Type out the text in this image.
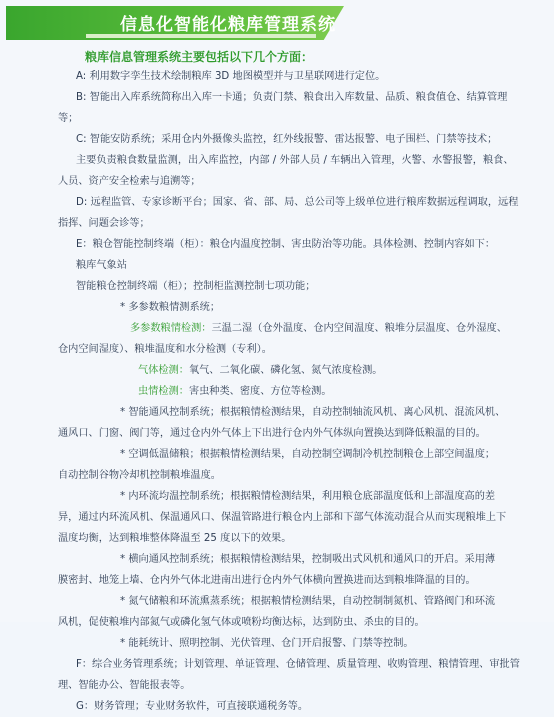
信息化智能化粮库管理系统
粮库信息管理系统主要包括以下几个方面：
A: 利用数字孪生技术绘制粮库 3D 地图模型并与卫星联网进行定位。
B: 智能出入库系统简称出入库一卡通；负责门禁、粮食出入库数量、品质、粮食值仓、结算管理
等；
C: 智能安防系统；采用仓内外摄像头监控，红外线报警、雷达报警、电子围栏、门禁等技术；
主要负责粮食数量监测，出入库监控，内部 / 外部人员 / 车辆出入管理，火警、水警报警，粮食、
人员、资产安全检索与追溯等；
D: 远程监管、专家诊断平台；国家、省、部、局、总公司等上级单位进行粮库数据远程调取，远程
指挥、问题会诊等；
E：粮仓智能控制终端（柜）：粮仓内温度控制、害虫防治等功能。具体检测、控制内容如下：
粮库气象站
智能粮仓控制终端（柜）；控制柜监测控制七项功能；
* 多参数粮情测系统；
多参数粮情检测：三温二湿（仓外温度、仓内空间温度、粮堆分层温度、仓外湿度、
仓内空间湿度）、粮堆温度和水分检测（专利）。
气体检测：氧气、二氧化碳、磷化氢、氮气浓度检测。
虫情检测：害虫种类、密度、方位等检测。
* 智能通风控制系统；根据粮情检测结果，自动控制轴流风机、离心风机、混流风机、
通风口、门窗、阀门等，通过仓内外气体上下出进行仓内外气体纵向置换达到降低粮温的目的。
* 空调低温储粮；根据粮情检测结果，自动控制空调制冷机控制粮仓上部空间温度；
自动控制谷物冷却机控制粮堆温度。
* 内环流均温控制系统；根据粮情检测结果，利用粮仓底部温度低和上部温度高的差
异，通过内环流风机、保温通风口、保温管路进行粮仓内上部和下部气体流动混合从而实现粮堆上下
温度均衡，达到粮堆整体降温至 25 度以下的效果。
* 横向通风控制系统；根据粮情检测结果，控制吸出式风机和通风口的开启。采用薄
膜密封、地笼上墙、仓内外气体北进南出进行仓内外气体横向置换进而达到粮堆降温的目的。
* 氮气储粮和环流熏蒸系统；根据粮情检测结果，自动控制制氮机、管路阀门和环流
风机，促使粮堆内部氮气或磷化氢气体或喷粉均衡达标，达到防虫、杀虫的目的。
* 能耗统计、照明控制、光伏管理、仓门开启报警、门禁等控制。
F：综合业务管理系统；计划管理、单证管理、仓储管理、质量管理、收购管理、粮情管理、审批管
理、智能办公、智能报表等。
G：财务管理；专业财务软件，可直接联通税务等。
